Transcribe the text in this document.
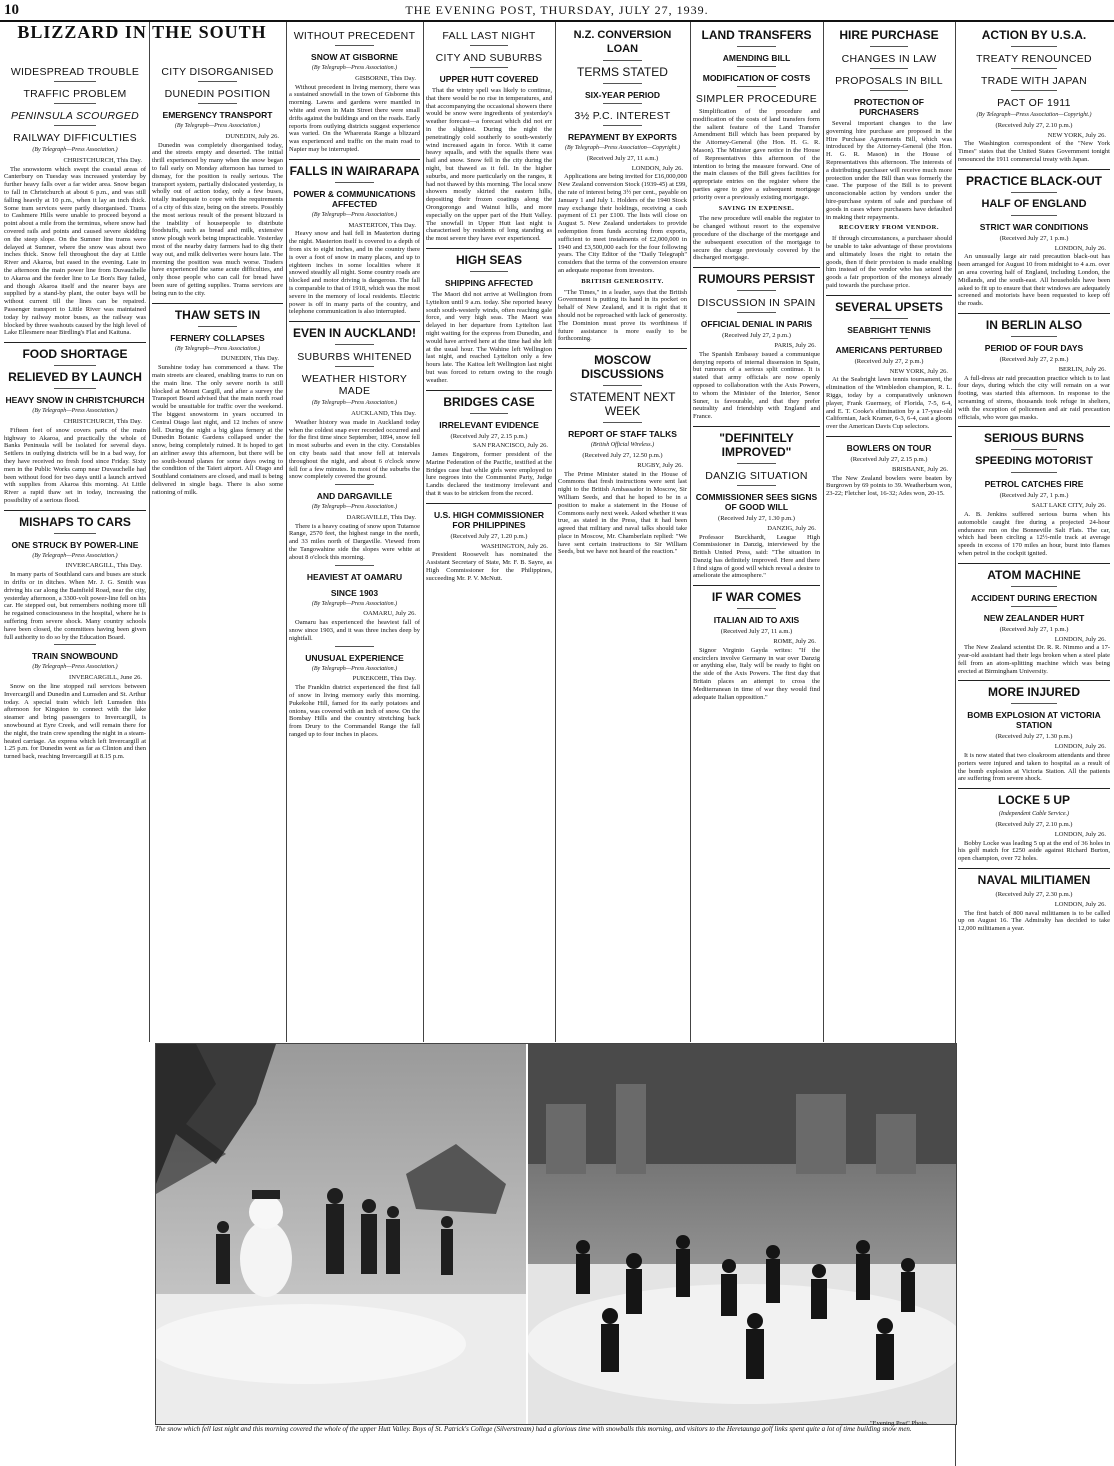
10	THE EVENING POST, THURSDAY, JULY 27, 1939.
BLIZZARD IN THE SOUTH
WIDESPREAD TROUBLE
TRAFFIC PROBLEM
PENINSULA SCOURGED
RAILWAY DIFFICULTIES
(By Telegraph—Press Association.)
CHRISTCHURCH, This Day.

The snowstorm which swept the coastal areas of Canterbury on Tuesday was increased yesterday by further heavy falls over a far wider area. Snow began to fall in Christchurch at about 6 p.m., and was still falling heavily at 10 p.m., when it lay an inch thick. Some tram services were partly disorganised. Trams to Cashmere Hills were unable to proceed beyond a point about a mile from the terminus, where snow had covered rails and points and caused severe skidding on the steep slope. On the Sumner line trams were delayed at Sumner, where the snow was about two inches thick. Snow fell throughout the day at Little River and Akaroa, but eased in the evening. Late in the afternoon the main power line from Duvauchelle to Akaroa and the feeder line to Le Bon's Bay failed, and though Akaroa itself and the nearer bays are supplied by a stand-by plant, the outer bays will be without current till the lines can be repaired. Passenger transport to Little River was maintained today by railway motor buses, as the railway was blocked by three washouts caused by the high level of Lake Ellesmere near Birdling's Flat and Kaituna.

FOOD SHORTAGE
RELIEVED BY LAUNCH
HEAVY SNOW IN CHRISTCHURCH
(By Telegraph—Press Association.)
CHRISTCHURCH, This Day.

Fifteen feet of snow covers parts of the main highway to Akaroa, and practically the whole of Banks Peninsula will be isolated for several days. Settlers in outlying districts will be in a bad way, for they have received no fresh food since Friday. Sixty men in the Public Works camp near Duvauchelle had been without food for two days until a launch arrived with supplies from Akaroa this morning. At Little River a rapid thaw set in today, increasing the possibility of a serious flood.

MISHAPS TO CARS
ONE STRUCK BY POWER-LINE
(By Telegraph—Press Association.)
INVERCARGILL, This Day.

In many parts of Southland cars and buses are stuck in drifts or in ditches. When Mr. J. G. Smith was driving his car along the Bainfield Road, near the city, yesterday afternoon, a 3300-volt power-line fell on his car. He stepped out, but remembers nothing more till he regained consciousness in the hospital, where he is suffering from severe shock. Many country schools have been closed, the committees having been given full authority to do so by the Education Board.

TRAIN SNOWBOUND
(By Telegraph—Press Association.)
INVERCARGILL, June 26.

Snow on the line stopped rail services between Invercargill and Dunedin and Lumsden and St. Arthur today. A special train which left Lumsden this afternoon for Kingston to connect with the lake steamer and bring passengers to Invercargill, is snowbound at Eyre Creek, and will remain there for the night, the train crew spending the night in a steam-heated carriage. An express which left Invercargill at 1.25 p.m. for Dunedin went as far as Clinton and then turned back, reaching Invercargill at 8.15 p.m.

CITY DISORGANISED
DUNEDIN POSITION
EMERGENCY TRANSPORT
(By Telegraph—Press Association.)
DUNEDIN, July 26.

Dunedin was completely disorganised today, and the streets empty and deserted. The initial thrill experienced by many when the snow began to fall early on Monday afternoon has turned to dismay, for the position is really serious. The transport system, partially dislocated yesterday, is wholly out of action today, only a few buses, totally inadequate to cope with the requirements of a city of this size, being on the streets. Possibly the most serious result of the present blizzard is the inability of housepeople to distribute foodstuffs, such as bread and milk, extensive snow plough work being impracticable. Yesterday most of the nearby dairy farmers had to dig their way out, and milk deliveries were hours late. The morning the position was much worse. Traders have experienced the same acute difficulties, and only those people who can call for bread have been sure of getting supplies. Trams services are being run to the city.

THAW SETS IN
FERNERY COLLAPSES
(By Telegraph—Press Association.)
DUNEDIN, This Day.

Sunshine today has commenced a thaw. The main streets are cleared, enabling trams to run on the main line. The only severe north is still blocked at Mount Cargill, and after a survey the Transport Board advised that the main north road would be unsuitable for traffic over the weekend. The biggest snowstorm in years occurred in Central Otago last night, and 12 inches of snow fell. During the night a big glass fernery at the Dunedin Botanic Gardens collapsed under the snow, being completely ruined. It is hoped to get an airliner away this afternoon, but there will be no south-bound planes for some days owing to the condition of the Taieri airport. All Otago and Southland containers are closed, and mail is being delivered in single bags. There is also some rationing of milk.

WITHOUT PRECEDENT
SNOW AT GISBORNE
(By Telegraph—Press Association.)
GISBORNE, This Day.

Without precedent in living memory, there was a sustained snowfall in the town of Gisborne this morning. Lawns and gardens were mantled in white and even in Main Street there were small drifts against the buildings and on the roads. Early reports from outlying districts suggest experience was varied. On the Wharerata Range a blizzard was experienced and traffic on the main road to Napier may be interrupted.

FALLS IN WAIRARAPA
POWER & COMMUNICATIONS AFFECTED
(By Telegraph—Press Association.)
MASTERTON, This Day.

Heavy snow and hail fell in Masterton during the night. Masterton itself is covered to a depth of from six to eight inches, and in the country there is over a foot of snow in many places, and up to eighteen inches in some localities where it snowed steadily all night. Some country roads are blocked and motor driving is dangerous. The fall is comparable to that of 1918, which was the most severe in the memory of local residents. Electric power is off in many parts of the country, and telephone communication is also interrupted.

EVEN IN AUCKLAND!
SUBURBS WHITENED
WEATHER HISTORY MADE
(By Telegraph—Press Association.)
AUCKLAND, This Day.

Weather history was made in Auckland today when the coldest snap ever recorded occurred and for the first time since September, 1894, snow fell in most suburbs and even in the city. Constables on city beats said that snow fell at intervals throughout the night, and about 6 o'clock snow fell for a few minutes. In most of the suburbs the snow completely covered the ground.

AND DARGAVILLE
(By Telegraph—Press Association.)
DARGAVILLE, This Day.

There is a heavy coating of snow upon Tutamoe Range, 2570 feet, the highest range in the north, and 33 miles north of Dargaville. Viewed from the Tangowahine side the slopes were white at about 8 o'clock this morning.

HEAVIEST AT OAMARU
SINCE 1903
(By Telegraph—Press Association.)
OAMARU, July 26.

Oamaru has experienced the heaviest fall of snow since 1903, and it was three inches deep by nightfall.

UNUSUAL EXPERIENCE
(By Telegraph—Press Association.)
PUKEKOHE, This Day.

The Franklin district experienced the first fall of snow in living memory early this morning. Pukekohe Hill, famed for its early potatoes and onions, was covered with an inch of snow. On the Bombay Hills and the country stretching back from Drury to the Cornmandel Range the fall ranged up to four inches in places.

FALL LAST NIGHT
CITY AND SUBURBS
UPPER HUTT COVERED

That the wintry spell was likely to continue, that there would be no rise in temperatures, and that accompanying the occasional showers there would be snow were ingredients of yesterday's weather forecast—a forecast which did not err in the slightest. During the night the penetratingly cold southerly to south-westerly wind increased again in force. With it came heavy squalls, and with the squalls there was hail and snow. Snow fell in the city during the night, but thawed as it fell. In the higher suburbs, and more particularly on the ranges, it had not thawed by this morning. The local snow showers mostly skirted the eastern hills, depositing their frozen coatings along the Orongorongo and Wainui hills, and more especially on the upper part of the Hutt Valley. The snowfall in Upper Hutt last night is characterised by residents of long standing as the most severe they have ever experienced.

HIGH SEAS
SHIPPING AFFECTED

The Maori did not arrive at Wellington from Lyttelton until 9 a.m. today. She reported heavy south south-westerly winds, often reaching gale force, and very high seas. The Maori was delayed in her departure from Lyttelton last night waiting for the express from Dunedin, and would have arrived here at the time had she left at the usual hour. The Wahine left Wellington last night, and reached Lyttelton only a few hours late. The Kaitoa left Wellington last night but was forced to return owing to the rough weather.

BRIDGES CASE
IRRELEVANT EVIDENCE
(Received July 27, 2.15 p.m.)
SAN FRANCISCO, July 26.

James Engstrom, former president of the Marine Federation of the Pacific, testified at the Bridges case that while girls were employed to lure negroes into the Communist Party, Judge Landis declared the testimony irrelevant and that it was to be stricken from the record.

U.S. HIGH COMMISSIONER FOR PHILIPPINES
(Received July 27, 1.20 p.m.)
WASHINGTON, July 26.

President Roosevelt has nominated the Assistant Secretary of State, Mr. F. B. Sayre, as High Commissioner for the Philippines, succeeding Mr. P. V. McNutt.

N.Z. CONVERSION LOAN
TERMS STATED
SIX-YEAR PERIOD
3½ P.C. INTEREST
REPAYMENT BY EXPORTS
(By Telegraph—Press Association—Copyright.)
(Received July 27, 11 a.m.)
LONDON, July 26.

Applications are being invited for £16,000,000 New Zealand conversion Stock (1939-45) at £99, the rate of interest being 3½ per cent., payable on January 1 and July 1. Holders of the 1940 Stock may exchange their holdings, receiving a cash payment of £1 per £100. The lists will close on August 5. New Zealand undertakes to provide redemption from funds accruing from exports, sufficient to meet instalments of £2,000,000 in 1940 and £3,500,000 each for the four following years. The City Editor of the "Daily Telegraph" considers that the terms of the conversion ensure an adequate response from investors.

BRITISH GENEROSITY.

"The Times," in a leader, says that the British Government is putting its hand in its pocket on behalf of New Zealand, and it is right that it should not be reproached with lack of generosity. The Dominion must prove its worthiness if future assistance is more easily to be forthcoming.

MOSCOW DISCUSSIONS
STATEMENT NEXT WEEK
REPORT OF STAFF TALKS
(British Official Wireless.)
(Received July 27, 12.50 p.m.)
RUGBY, July 26.

The Prime Minister stated in the House of Commons that fresh instructions were sent last night to the British Ambassador in Moscow, Sir William Seeds, and that he hoped to be in a position to make a statement in the House of Commons early next week. Asked whether it was true, as stated in the Press, that it had been agreed that military and naval talks should take place in Moscow, Mr. Chamberlain replied: "We have sent certain instructions to Sir William Seeds, but we have not heard of the reaction."

LAND TRANSFERS
AMENDING BILL
MODIFICATION OF COSTS
SIMPLER PROCEDURE

Simplification of the procedure and modification of the costs of land transfers form the salient feature of the Land Transfer Amendment Bill which has been prepared by the Attorney-General (the Hon. H. G. R. Mason). The Minister gave notice in the House of Representatives this afternoon of the intention to bring the measure forward. One of the main clauses of the Bill gives facilities for appropriate entries on the register where the parties agree to give a subsequent mortgage priority over a previously existing mortgage.

SAVING IN EXPENSE.

The new procedure will enable the register to be changed without resort to the expensive procedure of the discharge of the mortgage and the subsequent execution of the mortgage to secure the charge previously covered by the discharged mortgage.

RUMOURS PERSIST
DISCUSSION IN SPAIN
OFFICIAL DENIAL IN PARIS
(Received July 27, 2 p.m.)
PARIS, July 26.

The Spanish Embassy issued a communique denying reports of internal dissension in Spain, but rumours of a serious split continue. It is stated that army officials are now openly opposed to collaboration with the Axis Powers, to whom the Minister of the Interior, Senor Suner, is favourable, and that they prefer neutrality and friendship with England and France.

"DEFINITELY IMPROVED"
DANZIG SITUATION
COMMISSIONER SEES SIGNS OF GOOD WILL
(Received July 27, 1.30 p.m.)
DANZIG, July 26.

Professor Burckhardt, League High Commissioner in Danzig, interviewed by the British United Press, said: "The situation in Danzig has definitely improved. Here and there I find signs of good will which reveal a desire to ameliorate the atmosphere."

IF WAR COMES
ITALIAN AID TO AXIS
(Received July 27, 11 a.m.)
ROME, July 26.

Signor Virginio Gayda writes: "If the encirclers involve Germany in war over Danzig or anything else, Italy will be ready to fight on the side of the Axis Powers. The first day that Britain places an attempt to cross the Mediterranean in time of war they would find adequate Italian opposition."

HIRE PURCHASE
CHANGES IN LAW
PROPOSALS IN BILL
PROTECTION OF PURCHASERS

Several important changes to the law governing hire purchase are proposed in the Hire Purchase Agreements Bill, which was introduced by the Attorney-General (the Hon. H. G. R. Mason) in the House of Representatives this afternoon. The interests of a distributing purchaser will receive much more protection under the Bill than was formerly the case. The purpose of the Bill is to prevent unconscionable action by vendors under the hire-purchase system of sale and purchase of goods in cases where purchasers have defaulted in making their repayments.

RECOVERY FROM VENDOR.

If through circumstances, a purchaser should be unable to take advantage of these provisions and ultimately loses the right to retain the goods, then if their provision is made enabling him instead of the vendor who has seized the goods a fair proportion of the moneys already paid towards the purchase price.

SEVERAL UPSETS
SEABRIGHT TENNIS
AMERICANS PERTURBED
(Received July 27, 2 p.m.)
NEW YORK, July 26.

At the Seabright lawn tennis tournament, the elimination of the Wimbledon champion, R. L. Riggs, today by a comparatively unknown player, Frank Guernsey, of Florida, 7-5, 6-4, and E. T. Cooke's elimination by a 17-year-old Californian, Jack Kramer, 6-3, 6-4, cast a gloom over the American Davis Cup selectors.

BOWLERS ON TOUR
(Received July 27, 2.15 p.m.)
BRISBANE, July 26.

The New Zealand bowlers were beaten by Burgrown by 69 points to 39. Weatherburn won, 23-22; Fletcher lost, 16-32; Ades won, 20-15.

ACTION BY U.S.A.
TREATY RENOUNCED
TRADE WITH JAPAN
PACT OF 1911
(By Telegraph—Press Association—Copyright.)
(Received July 27, 2.10 p.m.)
NEW YORK, July 26.

The Washington correspondent of the "New York Times" states that the United States Government tonight renounced the 1911 commercial treaty with Japan.

PRACTICE BLACK-OUT
HALF OF ENGLAND
STRICT WAR CONDITIONS
(Received July 27, 1 p.m.)
LONDON, July 26.

An unusually large air raid precaution black-out has been arranged for August 10 from midnight to 4 a.m. over an area covering half of England, including London, the Midlands, and the south-east. All households have been asked to fit up to ensure that their windows are adequately screened and motorists have been requested to keep off the roads.

IN BERLIN ALSO
PERIOD OF FOUR DAYS
(Received July 27, 2 p.m.)
BERLIN, July 26.

A full-dress air raid precaution practice which is to last four days, during which the city will remain on a war footing, was started this afternoon. In response to the screaming of sirens, thousands took refuge in shelters, with the exception of policemen and air raid precaution officials, who wore gas masks.

SERIOUS BURNS
SPEEDING MOTORIST
PETROL CATCHES FIRE
(Received July 27, 1 p.m.)
SALT LAKE CITY, July 26.

A. B. Jenkins suffered serious burns when his automobile caught fire during a projected 24-hour endurance run on the Bonneville Salt Flats. The car, which had been circling a 12½-mile track at average speeds in excess of 170 miles an hour, burst into flames when petrol in the cockpit ignited.

ATOM MACHINE
ACCIDENT DURING ERECTION
NEW ZEALANDER HURT
(Received July 27, 1 p.m.)
LONDON, July 26.

The New Zealand scientist Dr. R. R. Nimmo and a 17-year-old assistant had their legs broken when a steel plate fell from an atom-splitting machine which was being erected at Birmingham University.

MORE INJURED
BOMB EXPLOSION AT VICTORIA STATION
(Received July 27, 1.30 p.m.)
LONDON, July 26.

It is now stated that two cloakroom attendants and three porters were injured and taken to hospital as a result of the bomb explosion at Victoria Station. All the patients are suffering from severe shock.

LOCKE 5 UP
(Independent Cable Service.)
(Received July 27, 2.10 p.m.)
LONDON, July 26.

Bobby Locke was leading 5 up at the end of 36 holes in his golf match for £250 aside against Richard Burton, open champion, over 72 holes.

NAVAL MILITIAMEN
(Received July 27, 2.30 p.m.)
LONDON, July 26.

The first batch of 800 naval militiamen is to be called up on August 16. The Admiralty has decided to take 12,000 militiamen a year.

The snow which fell last night and this morning covered the whole of the upper Hutt Valley. Boys of St. Patrick's College (Silverstream) had a glorious time with snowballs this morning, and visitors to the Heretaunga golf links spent quite a lot of time building snow men.
"Evening Post" Photo.
